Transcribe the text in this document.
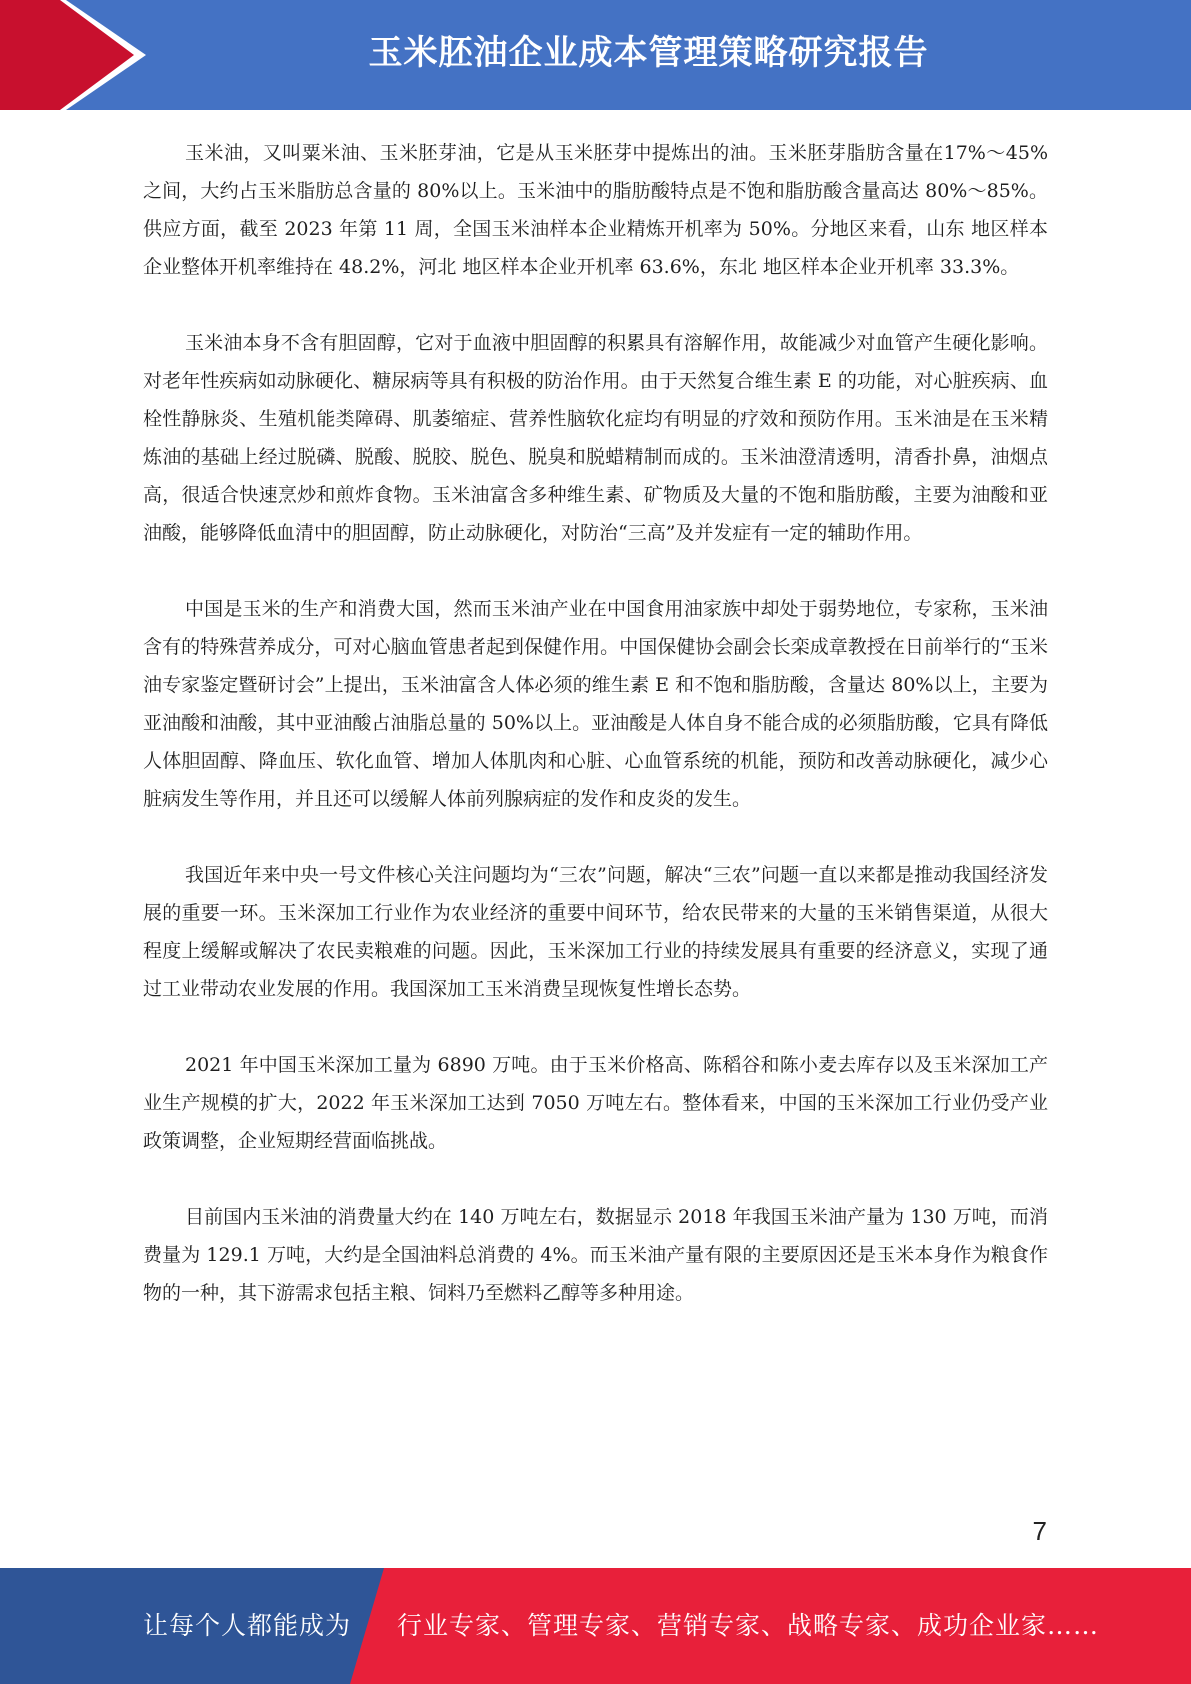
玉米胚油企业成本管理策略研究报告

玉米油，又叫粟米油、玉米胚芽油，它是从玉米胚芽中提炼出的油。玉米胚芽脂肪含量在17%～45%之间，大约占玉米脂肪总含量的 80%以上。玉米油中的脂肪酸特点是不饱和脂肪酸含量高达 80%～85%。供应方面，截至 2023 年第 11 周，全国玉米油样本企业精炼开机率为 50%。分地区来看，山东 地区样本企业整体开机率维持在 48.2%，河北 地区样本企业开机率 63.6%，东北 地区样本企业开机率 33.3%。

玉米油本身不含有胆固醇，它对于血液中胆固醇的积累具有溶解作用，故能减少对血管产生硬化影响。对老年性疾病如动脉硬化、糖尿病等具有积极的防治作用。由于天然复合维生素 E 的功能，对心脏疾病、血栓性静脉炎、生殖机能类障碍、肌萎缩症、营养性脑软化症均有明显的疗效和预防作用。玉米油是在玉米精炼油的基础上经过脱磷、脱酸、脱胶、脱色、脱臭和脱蜡精制而成的。玉米油澄清透明，清香扑鼻，油烟点高，很适合快速烹炒和煎炸食物。玉米油富含多种维生素、矿物质及大量的不饱和脂肪酸，主要为油酸和亚油酸，能够降低血清中的胆固醇，防止动脉硬化，对防治“三高”及并发症有一定的辅助作用。

中国是玉米的生产和消费大国，然而玉米油产业在中国食用油家族中却处于弱势地位，专家称，玉米油含有的特殊营养成分，可对心脑血管患者起到保健作用。中国保健协会副会长栾成章教授在日前举行的“玉米油专家鉴定暨研讨会”上提出，玉米油富含人体必须的维生素 E 和不饱和脂肪酸，含量达 80%以上，主要为亚油酸和油酸，其中亚油酸占油脂总量的 50%以上。亚油酸是人体自身不能合成的必须脂肪酸，它具有降低人体胆固醇、降血压、软化血管、增加人体肌肉和心脏、心血管系统的机能，预防和改善动脉硬化，减少心脏病发生等作用，并且还可以缓解人体前列腺病症的发作和皮炎的发生。

我国近年来中央一号文件核心关注问题均为“三农”问题，解决“三农”问题一直以来都是推动我国经济发展的重要一环。玉米深加工行业作为农业经济的重要中间环节，给农民带来的大量的玉米销售渠道，从很大程度上缓解或解决了农民卖粮难的问题。因此，玉米深加工行业的持续发展具有重要的经济意义，实现了通过工业带动农业发展的作用。我国深加工玉米消费呈现恢复性增长态势。

2021 年中国玉米深加工量为 6890 万吨。由于玉米价格高、陈稻谷和陈小麦去库存以及玉米深加工产业生产规模的扩大，2022 年玉米深加工达到 7050 万吨左右。整体看来，中国的玉米深加工行业仍受产业政策调整，企业短期经营面临挑战。

目前国内玉米油的消费量大约在 140 万吨左右，数据显示 2018 年我国玉米油产量为 130 万吨，而消费量为 129.1 万吨，大约是全国油料总消费的 4%。而玉米油产量有限的主要原因还是玉米本身作为粮食作物的一种，其下游需求包括主粮、饲料乃至燃料乙醇等多种用途。

7
让每个人都能成为 行业专家、管理专家、营销专家、战略专家、成功企业家……
